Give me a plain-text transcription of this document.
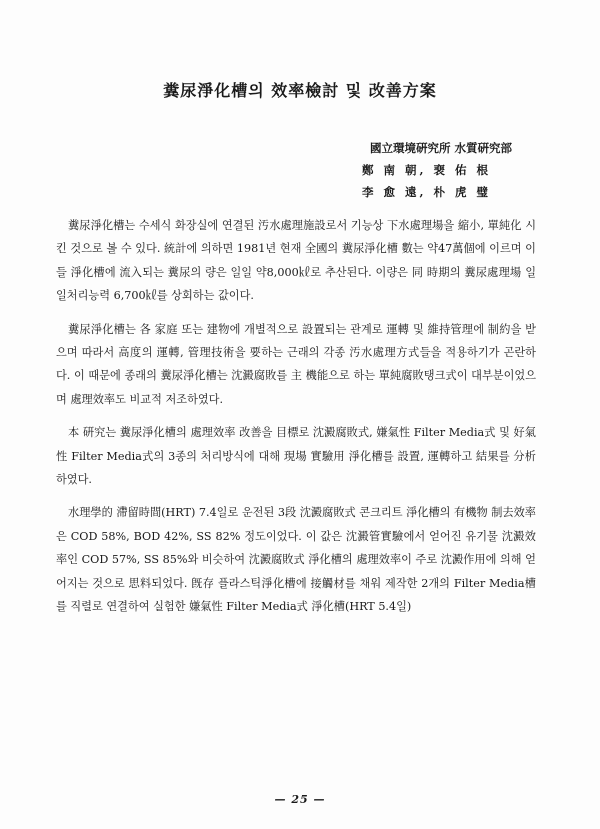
糞尿淨化槽의 效率檢討 및 改善方案
國立環境硏究所 水質硏究部
鄭 南 朝, 裵 佑 根
李 愈 遠, 朴 虎 璧

糞尿淨化槽는 수세식 화장실에 연결된 汚水處理施設로서 기능상 下水處理場을 縮小, 單純化 시킨 것으로 볼 수 있다. 統計에 의하면 1981년 현재 全國의 糞尿淨化槽 數는 약47萬個에 이르며 이들 淨化槽에 流入되는 糞尿의 량은 일일 약8,000㎘로 추산된다. 이량은 同 時期의 糞尿處理場 일일처리능력 6,700㎘를 상회하는 값이다.

糞尿淨化槽는 各 家庭 또는 建物에 개별적으로 設置되는 관계로 運轉 및 維持管理에 制約을 받으며 따라서 高度의 運轉, 管理技術을 要하는 근래의 각종 汚水處理方式들을 적용하기가 곤란하다. 이 때문에 종래의 糞尿淨化槽는 沈澱腐敗를 主 機能으로 하는 單純腐敗탱크式이 대부분이었으며 處理效率도 비교적 저조하였다.

本 硏究는 糞尿淨化槽의 處理效率 改善을 目標로 沈澱腐敗式, 嫌氣性 Filter Media式 및 好氣性 Filter Media式의 3종의 처리방식에 대해 現場 實驗用 淨化槽를 設置, 運轉하고 結果를 分析하였다.

水理學的 滯留時間(HRT) 7.4일로 운전된 3段 沈澱腐敗式 콘크리트 淨化槽의 有機物 制去效率은 COD 58%, BOD 42%, SS 82% 정도이었다. 이 값은 沈澱管實驗에서 얻어진 유기물 沈澱效率인 COD 57%, SS 85%와 비슷하여 沈澱腐敗式 淨化槽의 處理效率이 주로 沈澱作用에 의해 얻어지는 것으로 思料되었다. 旣存 플라스틱淨化槽에 接觸材를 채워 제작한 2개의 Filter Media槽를 직렬로 연결하여 실험한 嫌氣性 Filter Media式 淨化槽(HRT 5.4일)

— 25 —
